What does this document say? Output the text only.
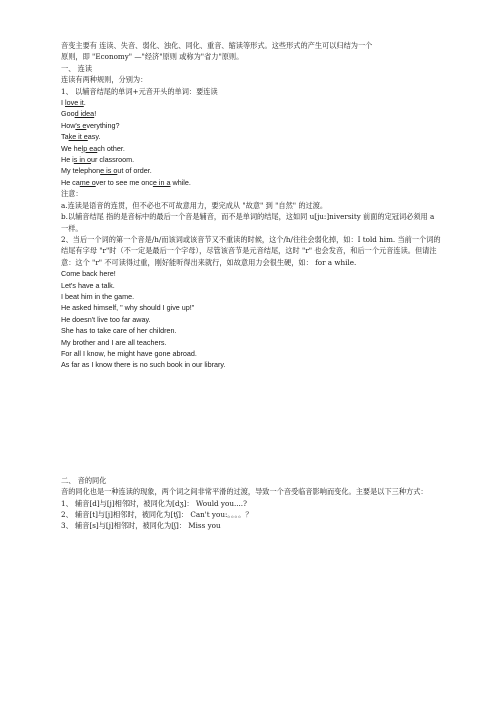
音变主要有 连读、失音、弱化、浊化、同化、重音、缩读等形式。这些形式的产生可以归结为一个

原则，即 "Economy" —"经济"原则 或称为"省力"原则。

一、 连读

连读有两种规则，分别为：

1、 以辅音结尾的单词+元音开头的单词：要连读

I love it.

Good idea!

How's everything?

Take it easy.

We help each other.

He is in our classroom.

My telephone is out of order.

He came over to see me once in a while.

注意：

a.连读是语音的连贯，但不必也不可故意用力，要完成从 "故意" 到 "自然" 的过渡。

b.以辅音结尾 指的是音标中的最后一个音是辅音，而不是单词的结尾，这如同 u[ju:]niversity 前面的定冠词必须用 a 一样。

2、当后一个词的第一个音是/h/而该词或该音节又不重读的时候，这个/h/往往会弱化掉，如：I told him. 当前一个词的结尾有字母 "r"时（不一定是最后一个字母），尽管该音节是元音结尾，这时 "r" 也会发音，和后一个元音连读。但请注意：这个 "r" 不可读得过重，刚好能听得出来就行，如故意用力会很生硬，如： for a while.

Come back here!

Let's have a talk.

I beat him in the game.

He asked himself, " why should I give up!"

He doesn't live too far away.

She has to take care of her children.

My brother and I are all teachers.

For all I know, he might have gone abroad.

As far as I know there is no such book in our library.

二、 音的同化

音的同化也是一种连读的现象，两个词之间非常平滑的过渡，导致一个音受临音影响而变化。主要是以下三种方式：

1、 辅音[d]与[j]相邻时，被同化为[dʒ]： Would you....?

2、 辅音[t]与[j]相邻时，被同化为[tʃ]： Can't you:。。。。？

3、 辅音[s]与[j]相邻时，被同化为[ʃ]： Miss you
